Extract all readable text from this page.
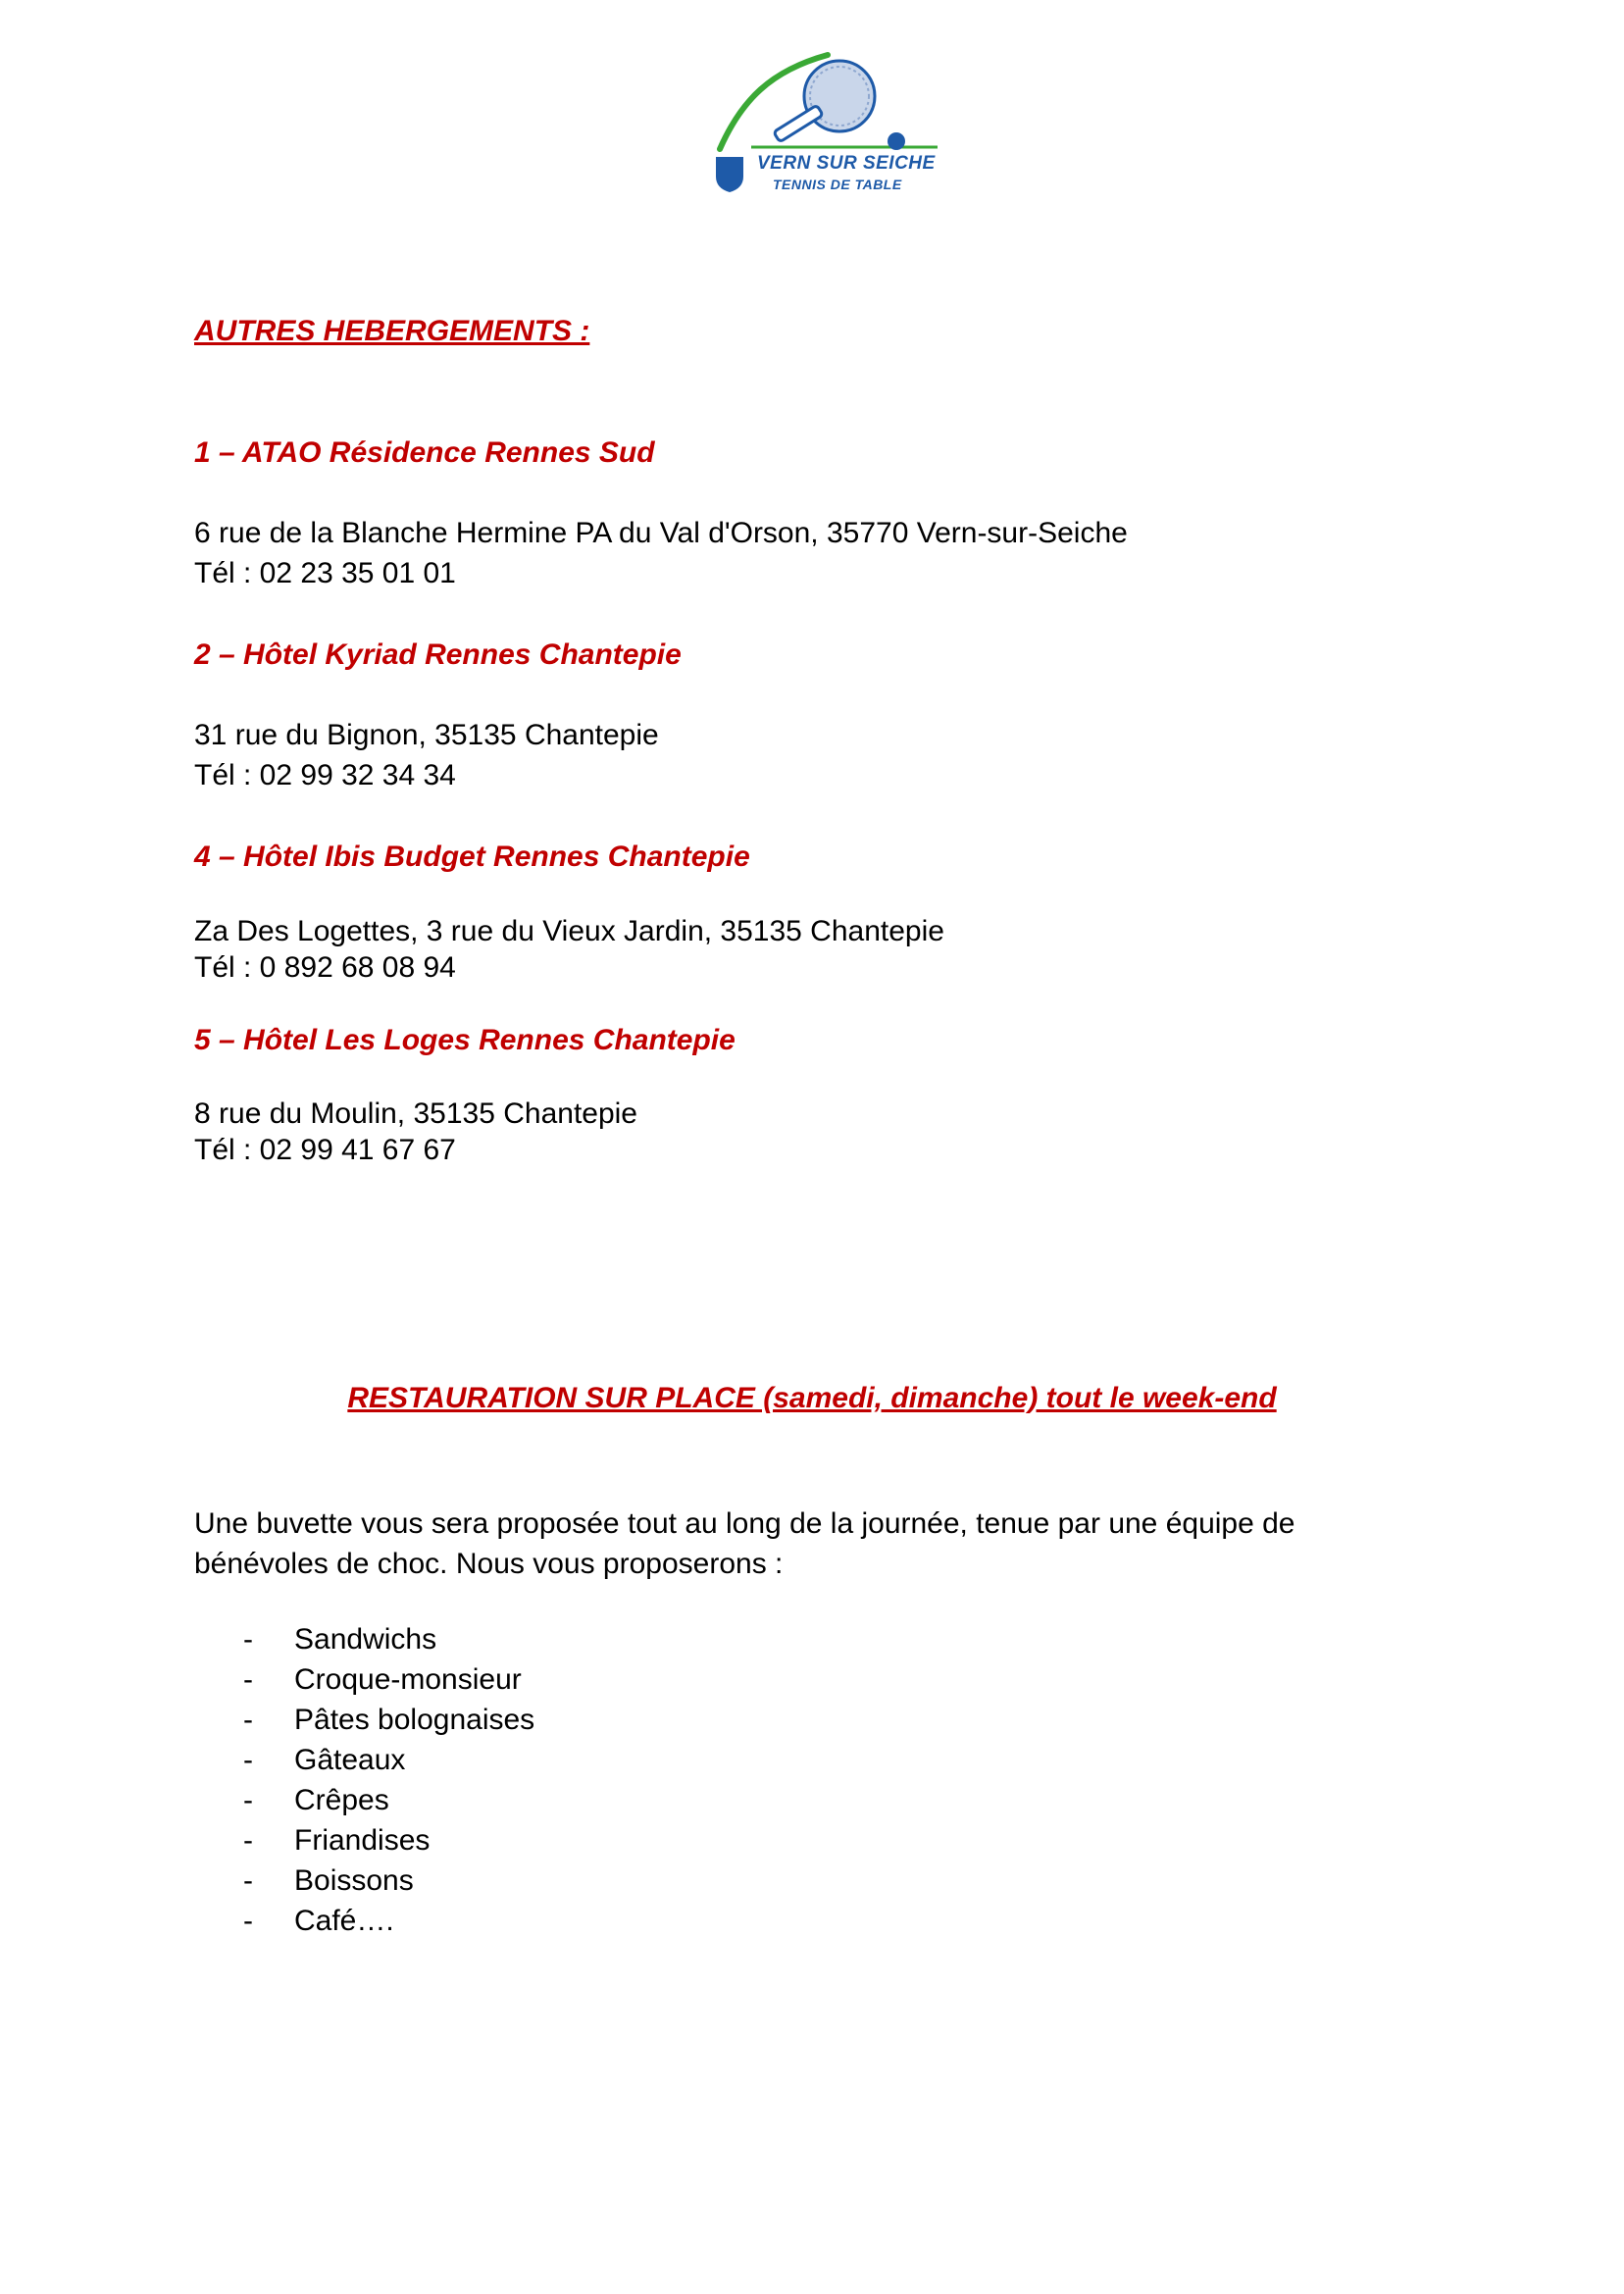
VERN SUR SEICHE
TENNIS DE TABLE
AUTRES HEBERGEMENTS :
1 – ATAO Résidence Rennes Sud
6 rue de la Blanche Hermine PA du Val d'Orson, 35770 Vern-sur-Seiche
Tél : 02 23 35 01 01
2 – Hôtel Kyriad Rennes Chantepie
31 rue du Bignon, 35135 Chantepie
Tél : 02 99 32 34 34
4 – Hôtel Ibis Budget Rennes Chantepie
Za Des Logettes, 3 rue du Vieux Jardin, 35135 Chantepie
Tél : 0 892 68 08 94
5 – Hôtel Les Loges Rennes Chantepie
8 rue du Moulin, 35135 Chantepie
Tél : 02 99 41 67 67
RESTAURATION SUR PLACE (samedi, dimanche) tout le week-end
Une buvette vous sera proposée tout au long de la journée, tenue par une équipe de
bénévoles de choc. Nous vous proposerons :
- Sandwichs
- Croque-monsieur
- Pâtes bolognaises
- Gâteaux
- Crêpes
- Friandises
- Boissons
- Café….
